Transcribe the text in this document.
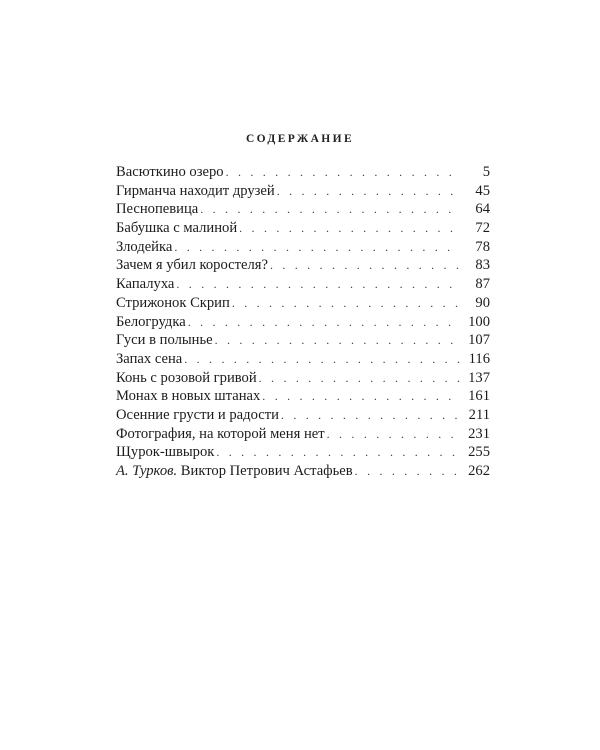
СОДЕРЖАНИЕ
Васюткино озеро . . .	5
Гирманча находит друзей . . .	45
Песнопевица . . .	64
Бабушка с малиной . . .	72
Злодейка . . .	78
Зачем я убил коростеля? . . .	83
Капалуха . . .	87
Стрижонок Скрип . . .	90
Белогрудка . . .	100
Гуси в полынье . . .	107
Запах сена . . .	116
Конь с розовой гривой . . .	137
Монах в новых штанах . . .	161
Осенние грусти и радости . . .	211
Фотография, на которой меня нет . . .	231
Щурок-швырок . . .	255
А. Турков. Виктор Петрович Астафьев . . .	262
